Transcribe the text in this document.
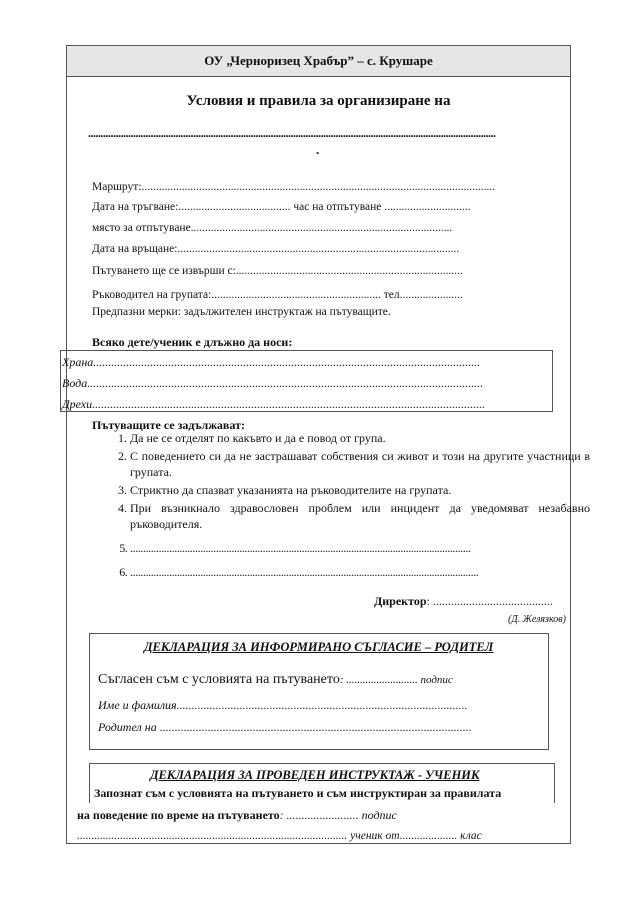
ОУ „Черноризец Храбър” – с. Крушаре
Условия и правила за организиране на
...................................................................................................................................................................
.
Маршрут:...........................................................................................................................
Дата на тръгване:....................................... час на отпътуване ..............................
място за отпътуване...........................................................................................
Дата на връщане:..................................................................................................
Пътуването ще се извърши с:...............................................................................
Ръководител на групата:........................................................... тел......................
Предпазни мерки: задължителен инструктаж на пътуващите.
Всяко дете/ученик е длъжно да носи:
Храна.................................................................................................................................
Вода....................................................................................................................................
Дрехи...................................................................................................................................
Пътуващите се задължават:
1. Да не се отделят по какъвто и да е повод от група.
2. С поведението си да не застрашават собствения си живот и този на другите участници в групата.
3. Стриктно да спазват указанията на ръководителите на групата.
4. При възникнало здравословен проблем или инцидент да уведомяват незабавно ръководителя.
5. ...................................................................................................................................
6. ......................................................................................................................................
Директор: ........................................
(Д. Желязков)
ДЕКЛАРАЦИЯ ЗА ИНФОРМИРАНО СЪГЛАСИЕ – РОДИТЕЛ
Съгласен съм с условията на пътуването: .......................... подпис
Име и фамилия.................................................................................................
Родител на ........................................................................................................
ДЕКЛАРАЦИЯ ЗА ПРОВЕДЕН ИНСТРУКТАЖ - УЧЕНИК
Запознат съм с условията на пътуването и съм инструктиран за правилата
на поведение по време на пътуването: ........................ подпис
.............................................................................................. ученик от.................... клас
